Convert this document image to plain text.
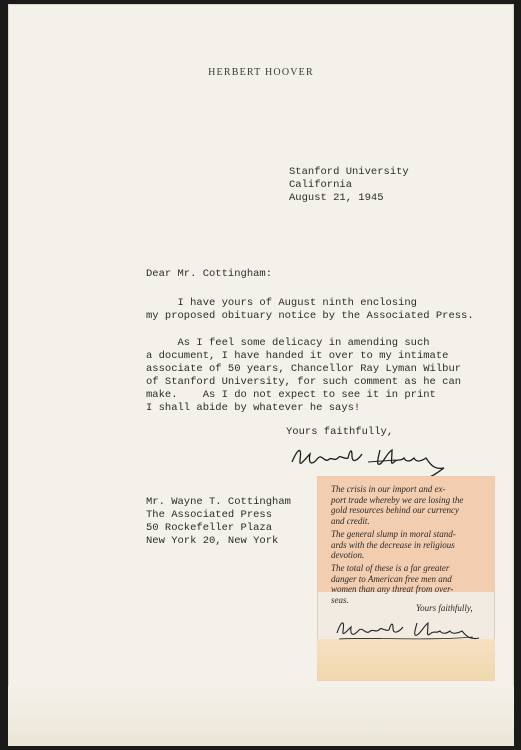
HERBERT HOOVER
Stanford University
California
August 21, 1945
Dear Mr. Cottingham:
I have yours of August ninth enclosing
my proposed obituary notice by the Associated Press.
As I feel some delicacy in amending such
a document, I have handed it over to my intimate
associate of 50 years, Chancellor Ray Lyman Wilbur
of Stanford University, for such comment as he can
make.    As I do not expect to see it in print
I shall abide by whatever he says!
Yours faithfully,
Mr. Wayne T. Cottingham
The Associated Press
50 Rockefeller Plaza
New York 20, New York
The crisis in our import and ex-
port trade whereby we are losing the
gold resources behind our currency
and credit.
The general slump in moral stand-
ards with the decrease in religious
devotion.
The total of these is a far greater
danger to American free men and
women than any threat from over-
seas.
Yours faithfully,
